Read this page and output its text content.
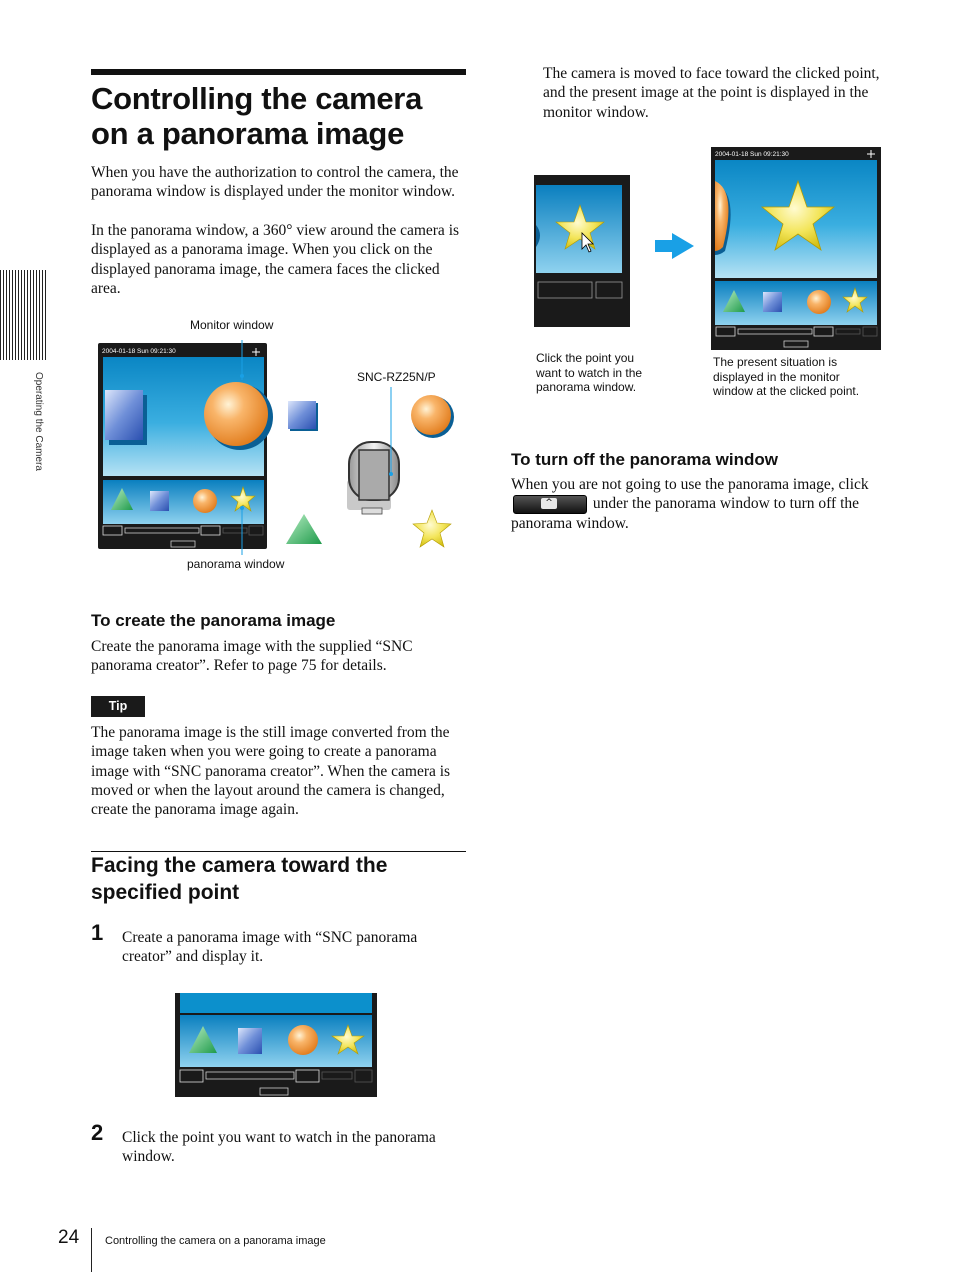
Operating the Camera
Controlling the camera on a panorama image

When you have the authorization to control the camera, the panorama window is displayed under the monitor window.

In the panorama window, a 360° view around the camera is displayed as a panorama image. When you click on the displayed panorama image, the camera faces the clicked area.

Monitor window
SNC-RZ25N/P
panorama window
2004-01-18 Sun 09:21:30
To create the panorama image

Create the panorama image with the supplied “SNC panorama creator”. Refer to page 75 for details.

Tip

The panorama image is the still image converted from the image taken when you were going to create a panorama image with “SNC panorama creator”. When the camera is moved or when the layout around the camera is changed, create the panorama image again.

Facing the camera toward the specified point
1 Create a panorama image with “SNC panorama creator” and display it.

2 Click the point you want to watch in the panorama window.

The camera is moved to face toward the clicked point, and the present image at the point is displayed in the monitor window.

2004-01-18 Sun 09:21:30
Click the point you want to watch in the panorama window.
The present situation is displayed in the monitor window at the clicked point.
To turn off the panorama window

When you are not going to use the panorama image, click
^	under the panorama window to turn off the panorama window.

24 Controlling the camera on a panorama image
